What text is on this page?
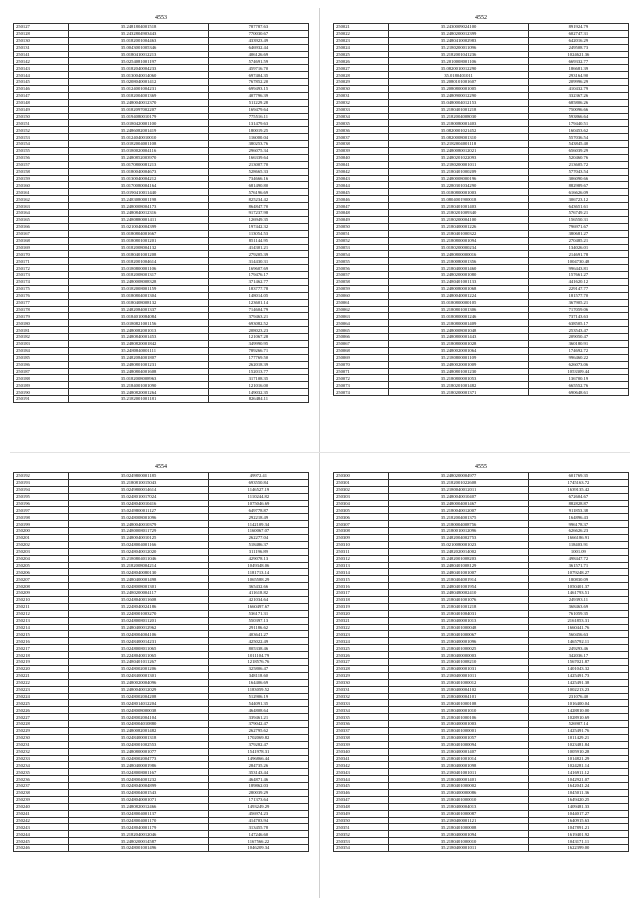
4553
250127	35.2481804001518	787787.63
250128	35.2432804903443	770030.67
250130	35.0182001004463	433923.49
250131	35.0043001005346	646932.44
250141	35.0180410012213	406126.69
250142	35.0254081001197	574691.59
250143	35.0182040004233	459716.70
250144	35.0130040014060	697404.35
250145	35.0208040001412	767852.20
250146	35.0124001004231	699493.15
250147	35.0182004001369	407796.39
250148	35.2480040012370	511229.28
250149	35.0182097002207	169479.64
250150	35.0194080010179	775516.11
250151	35.0180420001100	131479.63
250152	35.2486082001419	180019.25
250153	35.0124040010010	116000.04
250154	35.0182004001108	380253.76
250155	35.0180020004116	296075.34
250156	35.2480852003970	166339.64
250157	35.0170800081213	213007.70
250158	35.0180040004673	528665.33
250159	35.0130040004212	734666.16
250160	35.0170080004164	681490.80
250161	35.0190410011440	576196.69
250162	35.2483080001198	825234.42
250163	35.2480008004173	864847.70
250164	35.2480840012316	917237.98
250165	35.2480880001411	126949.35
250166	35.0210040004399	197442.32
250167	35.0180804001667	113054.53
250168	35.0180801001201	851144.95
250169	35.0182008004132	414301.21
250170	35.0180401001208	279205.39
250171	35.0182001004614	314430.31
250172	35.0180800001106	169607.69
250173	35.0182008001317	179476.17
250174	35.2480008008328	371462.77
250175	35.0182008001159	183777.78
250176	35.0180804001304	148014.05
250177	35.0180408008132	123601.14
250178	35.2482084001337	714604.79
250179	35.0184010084084	379463.21
250180	35.0180821001156	693082.52
250181	35.2480082001013	208023.23
250182	35.2480840001453	121067.28
250183	35.2480820001842	349990.95
250184	35.2480840001111	789266.71
250185	35.2482084001807	177769.50
250186	35.2480801001231	262018.39
250187	35.2480804001608	152013.77
250188	35.0182008008963	317108.35
250189	35.2184001001090	121016.00
250190	35.2480820001264	149032.35
250191	35.2182001001181	826484.11
4552
250021	35.2430009024100	891924.79
250022	35.2480200012399	602747.31
250023	35.2480410002983	642016.29
250024	35.2180200011096	249508.73
250025	35.2182001041236	1024621.36
250026	35.2010008001106	669332.77
250027	35.0820010012290	186681.39
250028	35.0180401011	293164.90
250029	35.2080101001607	209996.29
250030	35.2080800001005	410432.79
250031	35.2480900012290	332367.26
250032	35.0480004012153	685806.26
250033	35.2180401001218	750096.66
250034	35.2182004008030	593866.64
250035	35.2180080001403	179440.51
250036	35.0820001021452	160453.62
250037	35.0820008001310	557036.54
250038	35.2182004001118	543845.40
250039	35.2480080012021	656039.29
250040	35.2480201022093	520460.76
250041	35.2180200001011	213605.72
250042	35.2180401000209	577043.54
250043	35.2480008000196	306090.66
250044	35.2280301034290	882989.67
250045	35.0180800001003	616626.09
250046	35.0804001900018	306723.12
250047	35.2180401001403	643651.61
250048	35.2180201009340	576749.21
250049	35.2180200004100	156550.31
250050	35.2180400001226	796971.67
250051	35.2180401000322	380681.27
250052	35.2180800001094	270485.21
250053	35.0180200000234	134026.01
250054	35.2480800000016	214691.78
250055	35.2180080001356	1004730.48
250056	35.2180400001460	996443.81
250057	35.2480200001080	157661.27
250058	35.2480401001133	441620.12
250059	35.2480080001068	229147.77
250060	35.2480040001224	181577.70
250061	35.0180800000105	367905.21
250062	35.2180801001306	717059.06
250063	35.0180800001246	737143.63
250064	35.2180800001409	638505.17
250065	35.2480008001048	253543.47
250066	35.2480800001443	209050.47
250067	35.2180800001028	360180.91
250068	35.2480020001064	174692.72
250069	35.2180800001109	996460.22
250070	35.2480020001009	626073.06
250071	35.2480801001230	1053309.44
250072	35.2180800001053	136700.19
250073	35.2180201001482	665552.76
250074	35.2180200001371	690648.61
4554
250192	35.0249800001185	49972.41
250193	35.2180810015043	693550.84
250194	35.0249800014614	1146527.19
250195	35.0248010017024	1110244.82
250196	35.0248040010416	1075046.69
250197	35.0249800011127	649778.87
250198	35.0248008001096	292218.49
250199	35.2480040010379	1142109.34
250200	35.2480008011729	1160067.07
250201	35.2480040010125	262277.04
250202	35.0248004001166	518486.37
250203	35.0248040012020	311196.89
250204	35.2180804011046	429078.13
250205	35.2182008004214	1049348.06
250206	35.0248040080130	1181713.14
250207	35.2480400001498	1065588.29
250208	35.0248008001301	365432.66
250209	35.2480200004117	411618.82
250210	35.0248040011608	421034.64
250211	35.2248040024186	1660497.67
250212	35.2248001003270	536171.31
250213	35.0248008011201	550397.13
250214	35.2480400012962	291186.62
250215	35.0248004004106	403641.27
250216	35.0248400014231	425022.49
250217	35.0248008011065	805338.46
250218	35.2248040011065	1011104.79
250219	35.2480401011267	1218576.76
250220	35.0248002001206	325806.47
250221	35.0248400001301	348118.60
250222	35.2480020004096	164406.69
250223	35.2480040012029	1183059.52
250224	35.0248002004208	512906.19
250225	35.0248014012204	544091.35
250226	35.0248008000038	464808.64
250227	35.0248002004104	339461.21
250228	35.0248004010880	379042.47
250229	35.2480082001482	262795.62
250230	35.0248400001318	1702069.82
250231	35.0248001002553	379282.47
250232	35.2480800001077	1541978.31
250233	35.0248002004773	1496866.44
250234	35.2480400001986	284735.26
250235	35.0248008001167	353143.44
250236	35.0248004001232	464871.46
250237	35.0248040004899	189862.03
250238	35.0248004001543	280039.29
250239	35.0248040001071	171373.64
250240	35.2480820012466	1493249.29
250241	35.0248004001137	456974.23
250242	35.0248004001170	414703.94
250243	35.0248040001179	313455.78
250244	35.2182040012046	147246.60
250245	35.2480200014587	1167566.22
250246	35.0248001001496	1046209.34
4555
250300	35.2480200004977	601769.35
250301	35.2182001022608	1745163.72
250302	35.2180040012011	1639135.42
250303	35.2480040010407	672604.67
250304	35.2480004001467	882828.87
250305	35.2180040012007	911853.38
250306	35.2182004001375	164896.43
250307	35.2180004008756	996178.37
250308	35.2180010012096	626626.23
250309	35.2482004002753	1666186.91
250310	35.0210080001023	118403.91
250311	35.2482020014002	1001.09
250312	35.2482001008203	498447.72
250313	35.2480401008129	361571.71
250314	35.2480401001007	1079248.27
250315	35.2180404001914	180830.09
250316	35.2480401001954	1050401.37
250317	35.2480480002410	1461793.51
250318	35.2180401001076	249393.11
250319	35.2180401001218	368463.69
250320	35.2180401004031	761059.35
250321	35.2180400001013	2161853.31
250322	35.2180401000048	1660441.76
250323	35.2180401000067	560456.63
250324	35.2180400001096	1465792.11
250325	35.2180401000025	249293.46
250326	35.2180400000003	342036.17
250327	35.2180401008210	1567021.87
250328	35.2180400001031	1401043.32
250329	35.2180400001011	1425491.73
250330	35.2180401000012	1425491.38
250331	35.2180400004102	1002213.23
250332	35.2180400004101	231076.40
250333	35.2180401000108	1016400.04
250334	35.2180400001010	1428810.00
250335	35.2180401000106	1028910.69
250336	35.2180400001003	526907.14
250337	35.2180401000001	1425491.76
250338	35.2180400001057	1011429.21
250339	35.2180401000094	1023481.84
250340	35.2180400001407	1005910.28
250341	35.2180401001014	1014821.29
250342	35.2180400001098	1024281.14
250343	35.2180401001011	1416911.12
250344	35.2180400001401	1042921.07
250345	35.2180401000002	1642041.24
250346	35.2180400000086	1045011.36
250347	35.2180401000010	1649420.25
250348	35.2180400004013	1409481.33
250349	35.2180401000087	1044017.27
250350	35.2180400001121	1640915.63
250351	35.2180401000008	1047891.21
250352	35.2180400001094	1619401.92
250353	35.2180401000010	1043171.11
250354	35.2180400001011	1622399.00
